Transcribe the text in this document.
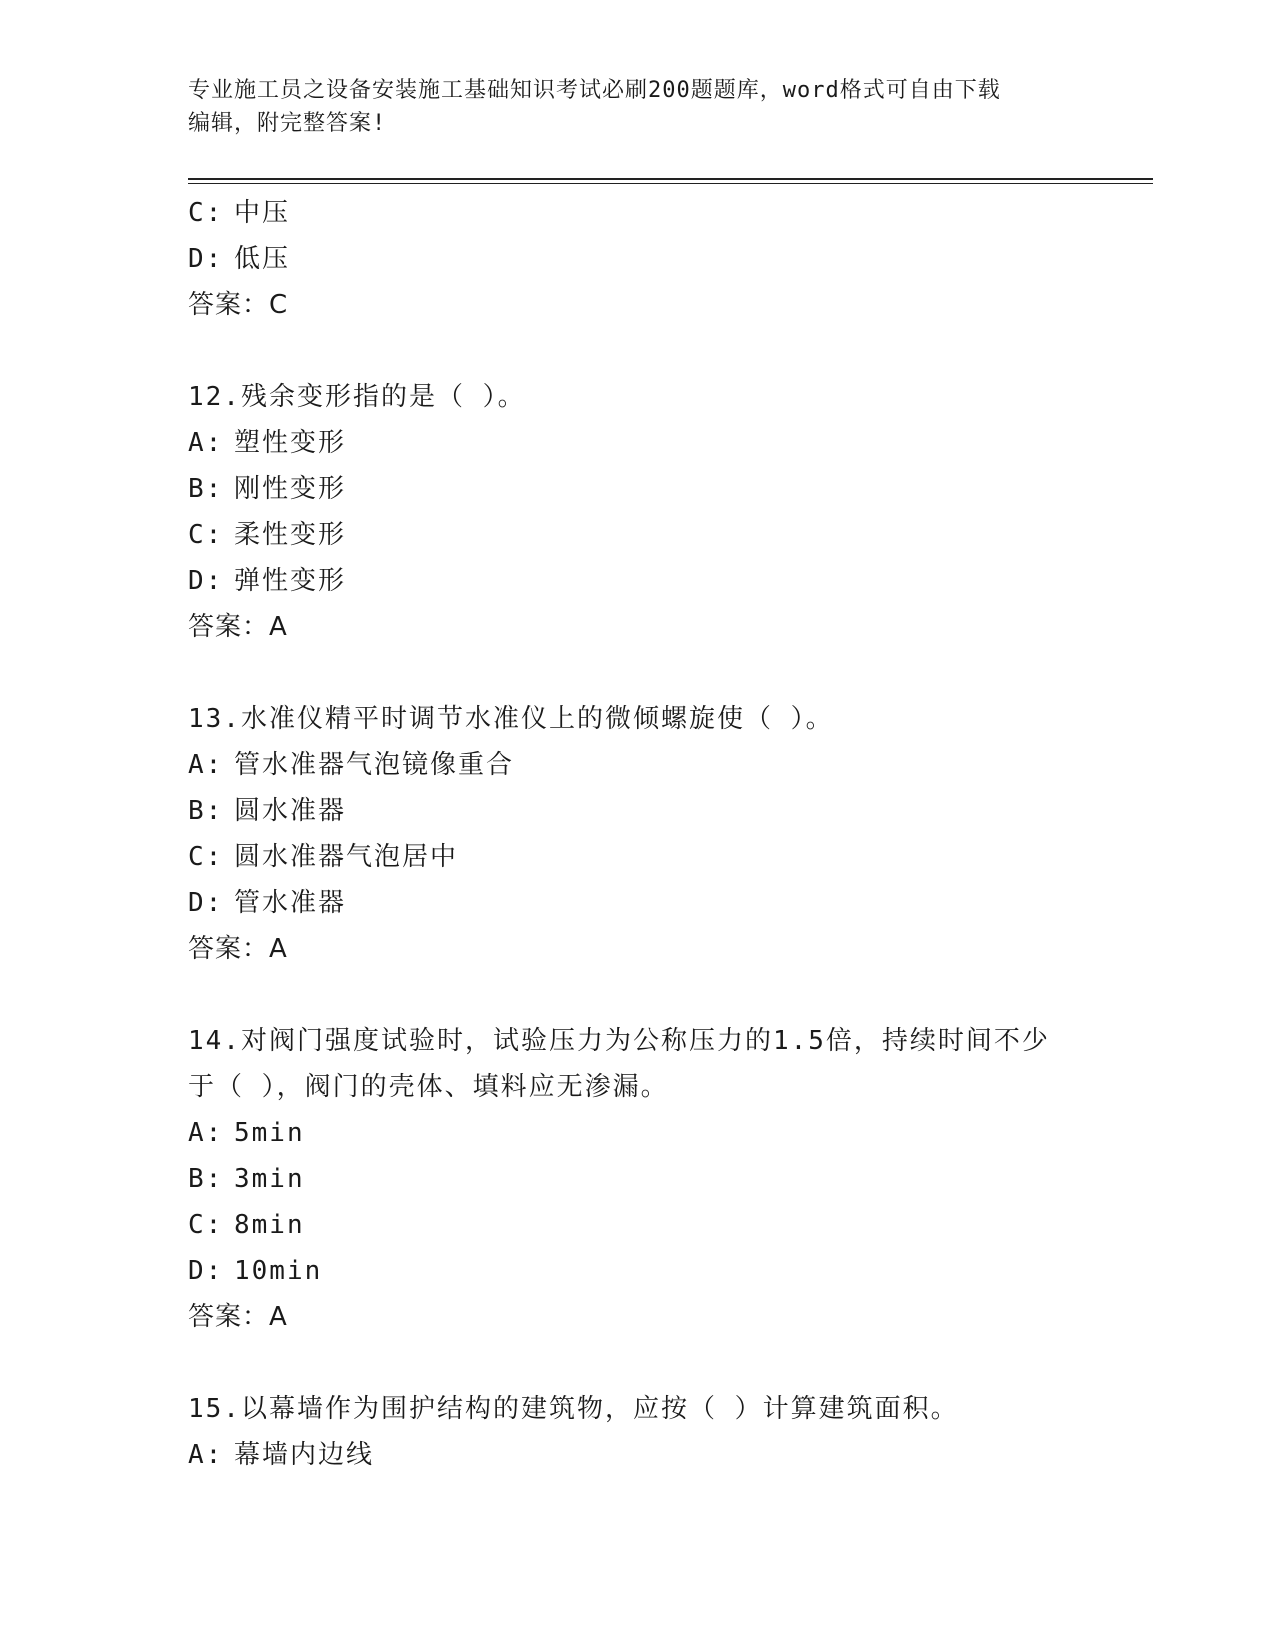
专业施工员之设备安装施工基础知识考试必刷200题题库，word格式可自由下载
编辑，附完整答案!
C: 中压
D: 低压
答案：C
12.残余变形指的是（ ）。
A: 塑性变形
B: 刚性变形
C: 柔性变形
D: 弹性变形
答案：A
13.水准仪精平时调节水准仪上的微倾螺旋使（ ）。
A: 管水准器气泡镜像重合
B: 圆水准器
C: 圆水准器气泡居中
D: 管水准器
答案：A
14.对阀门强度试验时，试验压力为公称压力的1.5倍，持续时间不少
于（ ），阀门的壳体、填料应无渗漏。
A: 5min
B: 3min
C: 8min
D: 10min
答案：A
15.以幕墙作为围护结构的建筑物，应按（ ）计算建筑面积。
A: 幕墙内边线
